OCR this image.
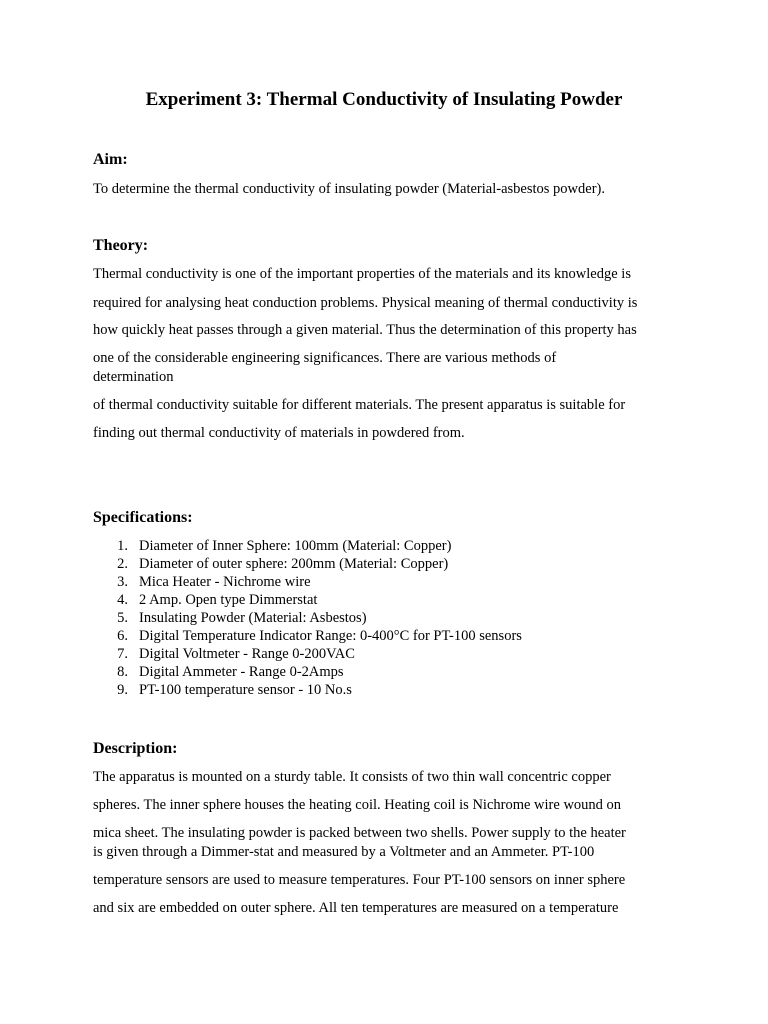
Experiment 3: Thermal Conductivity of Insulating Powder
Aim:
To determine the thermal conductivity of insulating powder (Material-asbestos powder).
Theory:
Thermal conductivity is one of the important properties of the materials and its knowledge is
required for analysing heat conduction problems. Physical meaning of thermal conductivity is
how quickly heat passes through a given material. Thus the determination of this property has
one of the considerable engineering significances. There are various methods of
determination
of thermal conductivity suitable for different materials. The present apparatus is suitable for
finding out thermal conductivity of materials in powdered from.
Specifications:
1. Diameter of Inner Sphere: 100mm (Material: Copper)
2. Diameter of outer sphere: 200mm (Material: Copper)
3. Mica Heater - Nichrome wire
4. 2 Amp. Open type Dimmerstat
5. Insulating Powder (Material: Asbestos)
6. Digital Temperature Indicator Range: 0-400°C for PT-100 sensors
7. Digital Voltmeter - Range 0-200VAC
8. Digital Ammeter - Range 0-2Amps
9. PT-100 temperature sensor - 10 No.s
Description:
The apparatus is mounted on a sturdy table. It consists of two thin wall concentric copper
spheres. The inner sphere houses the heating coil. Heating coil is Nichrome wire wound on
mica sheet. The insulating powder is packed between two shells. Power supply to the heater
is given through a Dimmer-stat and measured by a Voltmeter and an Ammeter. PT-100
temperature sensors are used to measure temperatures. Four PT-100 sensors on inner sphere
and six are embedded on outer sphere. All ten temperatures are measured on a temperature
